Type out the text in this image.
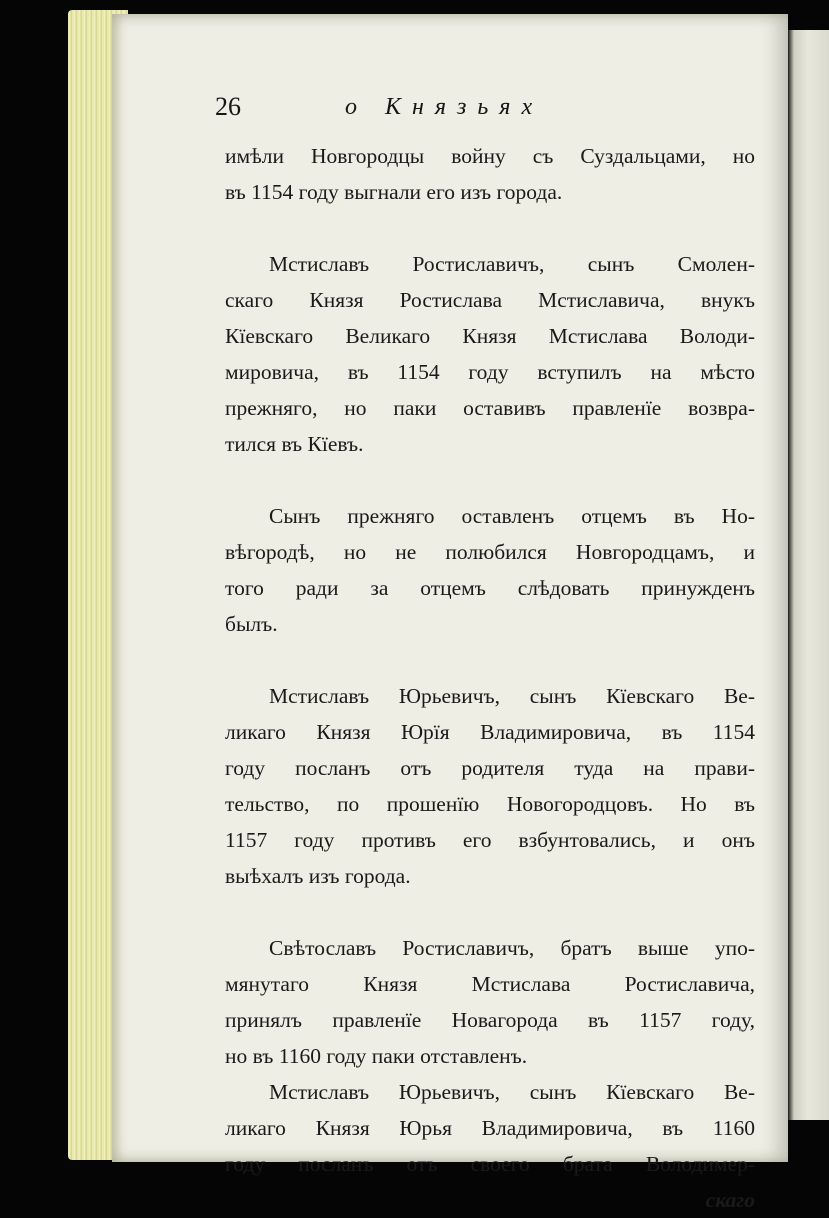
26	о Князьях
имѣли Новгородцы войну съ Суздальцами, но
въ 1154 году выгнали его изъ города.
Мстиславъ Ростиславичъ, сынъ Смолен-
скаго Князя Ростислава Мстиславича, внукъ
Кїевскаго Великаго Князя Мстислава Володи-
мировича, въ 1154 году вступилъ на мѣсто
прежняго, но паки оставивъ правленїе возвра-
тился въ Кїевъ.
Сынъ прежняго оставленъ отцемъ въ Но-
вѣгородѣ, но не полюбился Новгородцамъ, и
того ради за отцемъ слѣдовать принужденъ
былъ.
Мстиславъ Юрьевичъ, сынъ Кїевскаго Ве-
ликаго Князя Юрїя Владимировича, въ 1154
году посланъ отъ родителя туда на прави-
тельство, по прошенїю Новогородцовъ. Но въ
1157 году противъ его взбунтовались, и онъ
выѣхалъ изъ города.
Свѣтославъ Ростиславичъ, братъ выше упо-
мянутаго Князя Мстислава Ростиславича,
принялъ правленїе Новагорода въ 1157 году,
но въ 1160 году паки отставленъ.
Мстиславъ Юрьевичъ, сынъ Кїевскаго Ве-
ликаго Князя Юрья Владимировича, въ 1160
году посланъ отъ своего брата Володимер-
скаго
